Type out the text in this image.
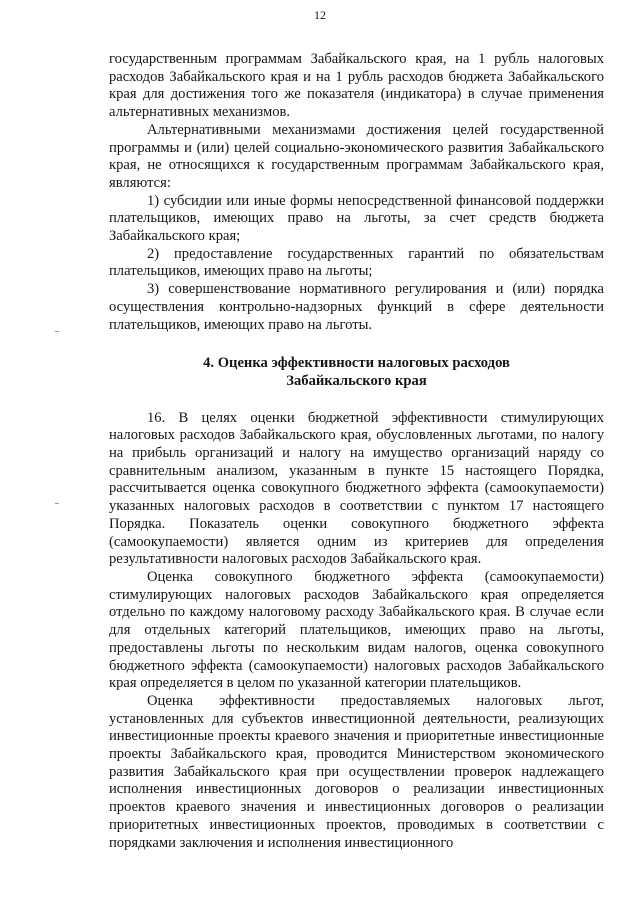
12

государственным программам Забайкальского края, на 1 рубль налоговых расходов Забайкальского края и на 1 рубль расходов бюджета Забайкальского края для достижения того же показателя (индикатора) в случае применения альтернативных механизмов.

Альтернативными механизмами достижения целей государственной программы и (или) целей социально-экономического развития Забайкальского края, не относящихся к государственным программам Забайкальского края, являются:

1) субсидии или иные формы непосредственной финансовой поддержки плательщиков, имеющих право на льготы, за счет средств бюджета Забайкальского края;

2) предоставление государственных гарантий по обязательствам плательщиков, имеющих право на льготы;

3) совершенствование нормативного регулирования и (или) порядка осуществления контрольно-надзорных функций в сфере деятельности плательщиков, имеющих право на льготы.

4. Оценка эффективности налоговых расходов
Забайкальского края

16. В целях оценки бюджетной эффективности стимулирующих налоговых расходов Забайкальского края, обусловленных льготами, по налогу на прибыль организаций и налогу на имущество организаций наряду со сравнительным анализом, указанным в пункте 15 настоящего Порядка, рассчитывается оценка совокупного бюджетного эффекта (самоокупаемости) указанных налоговых расходов в соответствии с пунктом 17 настоящего Порядка. Показатель оценки совокупного бюджетного эффекта (самоокупаемости) является одним из критериев для определения результативности налоговых расходов Забайкальского края.

Оценка совокупного бюджетного эффекта (самоокупаемости) стимулирующих налоговых расходов Забайкальского края определяется отдельно по каждому налоговому расходу Забайкальского края. В случае если для отдельных категорий плательщиков, имеющих право на льготы, предоставлены льготы по нескольким видам налогов, оценка совокупного бюджетного эффекта (самоокупаемости) налоговых расходов Забайкальского края определяется в целом по указанной категории плательщиков.

Оценка эффективности предоставляемых налоговых льгот, установленных для субъектов инвестиционной деятельности, реализующих инвестиционные проекты краевого значения и приоритетные инвестиционные проекты Забайкальского края, проводится Министерством экономического развития Забайкальского края при осуществлении проверок надлежащего исполнения инвестиционных договоров о реализации инвестиционных проектов краевого значения и инвестиционных договоров о реализации приоритетных инвестиционных проектов, проводимых в соответствии с порядками заключения и исполнения инвестиционного
